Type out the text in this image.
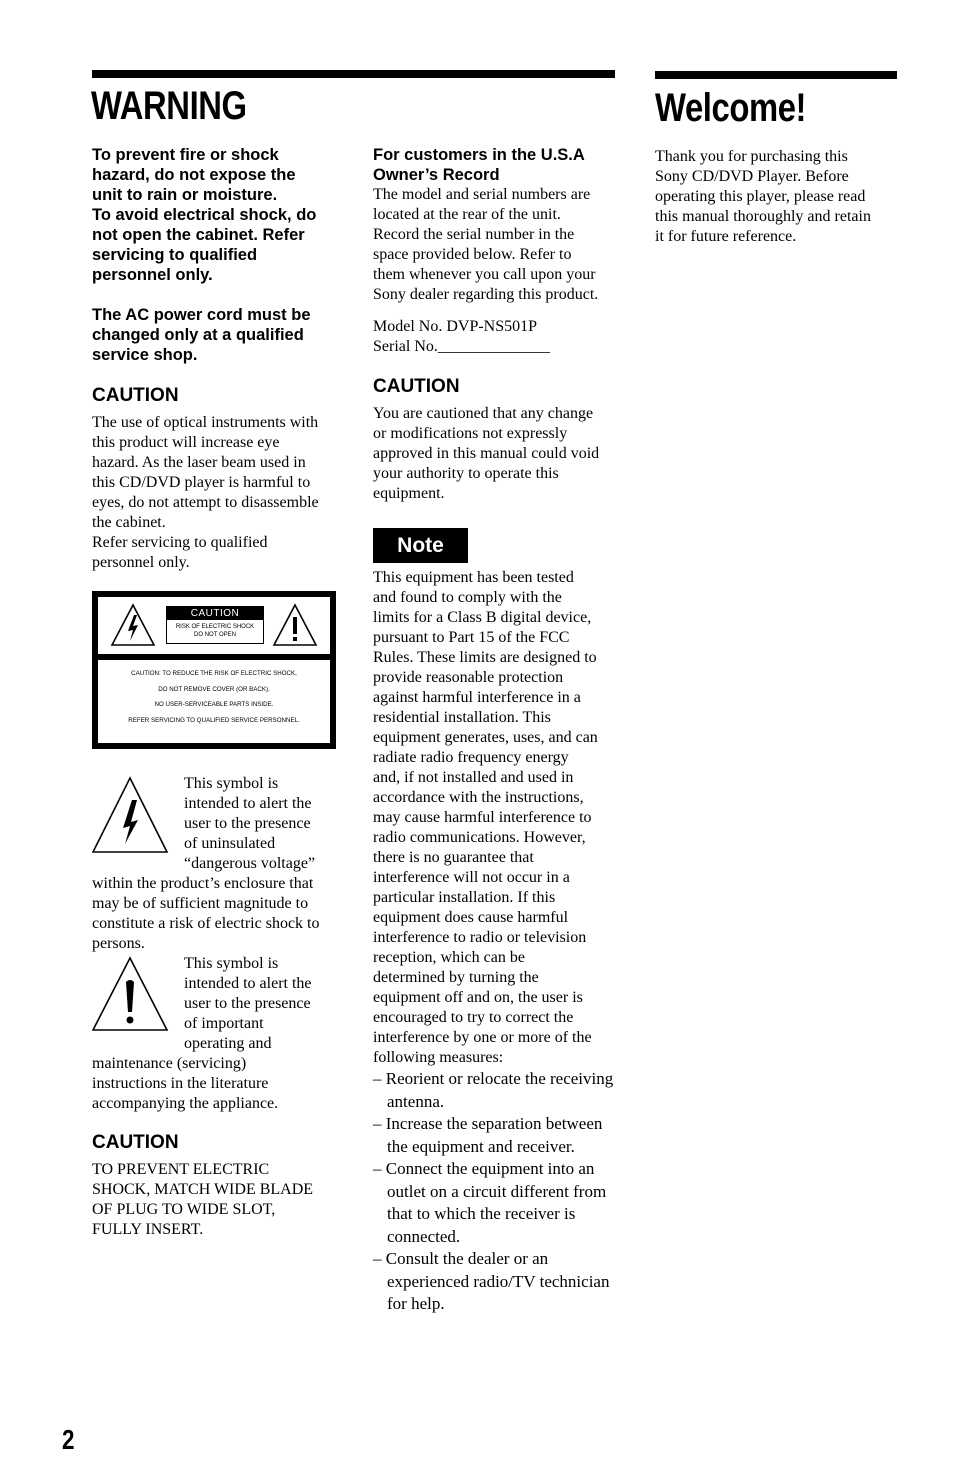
WARNING	Welcome!

To prevent fire or shock

hazard, do not expose the

unit to rain or moisture.

To avoid electrical shock, do

not open the cabinet. Refer

servicing to qualified

personnel only.

The AC power cord must be

changed only at a qualified

service shop.

CAUTION

The use of optical instruments with

this product will increase eye

hazard. As the laser beam used in

this CD/DVD player is harmful to

eyes, do not attempt to disassemble

the cabinet.

Refer servicing to qualified

personnel only.

CAUTION
RISK OF ELECTRIC SHOCK
DO NOT OPEN
CAUTION: TO REDUCE THE RISK OF ELECTRIC SHOCK,
DO NOT REMOVE COVER (OR BACK).
NO USER-SERVICEABLE PARTS INSIDE.
REFER SERVICING TO QUALIFIED SERVICE PERSONNEL.

This symbol is

intended to alert the

user to the presence

of uninsulated

“dangerous voltage”

within the product’s enclosure that

may be of sufficient magnitude to

constitute a risk of electric shock to

persons.

This symbol is

intended to alert the

user to the presence

of important

operating and

maintenance (servicing)

instructions in the literature

accompanying the appliance.

CAUTION

TO PREVENT ELECTRIC

SHOCK, MATCH WIDE BLADE

OF PLUG TO WIDE SLOT,

FULLY INSERT.

For customers in the U.S.A

Owner’s Record

The model and serial numbers are

located at the rear of the unit.

Record the serial number in the

space provided below. Refer to

them whenever you call upon your

Sony dealer regarding this product.

Model No. DVP-NS501P

Serial No.______________

CAUTION

You are cautioned that any change

or modifications not expressly

approved in this manual could void

your authority to operate this

equipment.

Note

This equipment has been tested

and found to comply with the

limits for a Class B digital device,

pursuant to Part 15 of the FCC

Rules. These limits are designed to

provide reasonable protection

against harmful interference in a

residential installation. This

equipment generates, uses, and can

radiate radio frequency energy

and, if not installed and used in

accordance with the instructions,

may cause harmful interference to

radio communications. However,

there is no guarantee that

interference will not occur in a

particular installation. If this

equipment does cause harmful

interference to radio or television

reception, which can be

determined by turning the

equipment off and on, the user is

encouraged to try to correct the

interference by one or more of the

following measures:

– Reorient or relocate the receiving antenna.
– Increase the separation between the equipment and receiver.
– Connect the equipment into an outlet on a circuit different from that to which the receiver is connected.
– Consult the dealer or an experienced radio/TV technician for help.

Thank you for purchasing this

Sony CD/DVD Player. Before

operating this player, please read

this manual thoroughly and retain

it for future reference.

2
